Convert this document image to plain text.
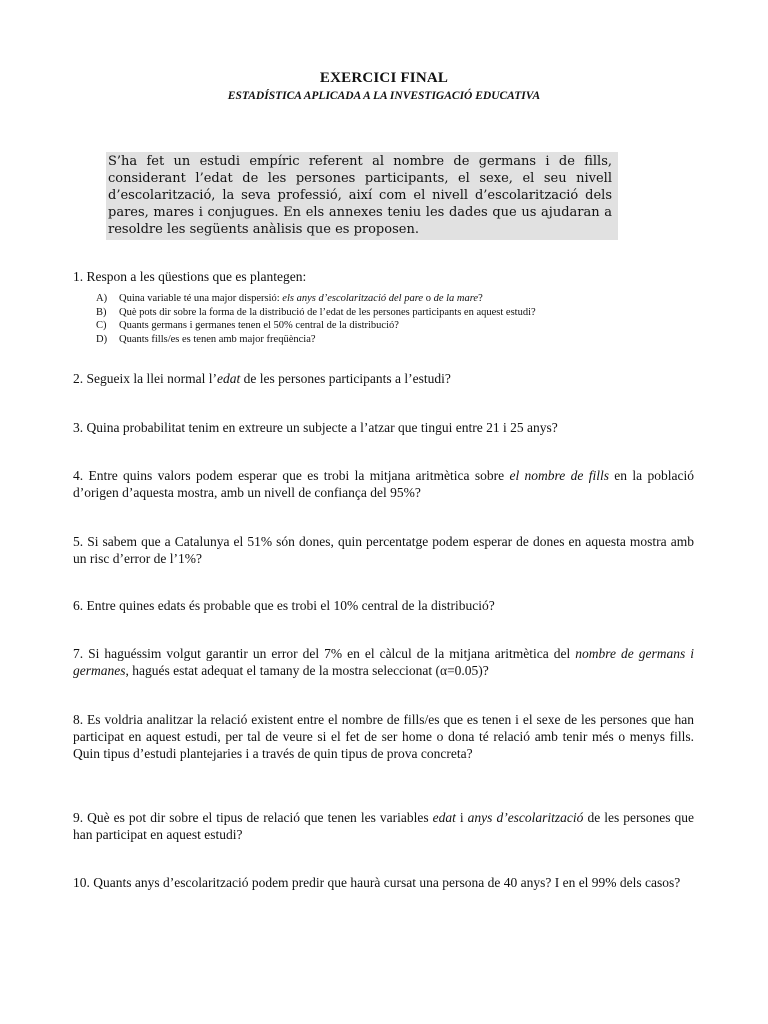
EXERCICI FINAL
ESTADÍSTICA APLICADA A LA INVESTIGACIÓ EDUCATIVA
S’ha fet un estudi empíric referent al nombre de germans i de fills, considerant l’edat de les persones participants, el sexe, el seu nivell d’escolarització, la seva professió, així com el nivell d’escolarització dels pares, mares i conjugues. En els annexes teniu les dades que us ajudaran a resoldre les següents anàlisis que es proposen.
1. Respon a les qüestions que es plantegen:
A)	Quina variable té una major dispersió: els anys d’escolarització del pare o de la mare?
B)	Què pots dir sobre la forma de la distribució de l’edat de les persones participants en aquest estudi?
C)	Quants germans i germanes tenen el 50% central de la distribució?
D)	Quants fills/es es tenen amb major freqüència?
2. Segueix la llei normal l’edat de les persones participants a l’estudi?
3. Quina probabilitat tenim en extreure un subjecte a l’atzar que tingui entre 21 i 25 anys?
4. Entre quins valors podem esperar que es trobi la mitjana aritmètica sobre el nombre de fills en la població d’origen d’aquesta mostra, amb un nivell de confiança del 95%?
5. Si sabem que a Catalunya el 51% són dones, quin percentatge podem esperar de dones en aquesta mostra amb un risc d’error de l’1%?
6. Entre quines edats és probable que es trobi el 10% central de la distribució?
7. Si haguéssim volgut garantir un error del 7% en el càlcul de la mitjana aritmètica del nombre de germans i germanes, hagués estat adequat el tamany de la mostra seleccionat (α=0.05)?
8. Es voldria analitzar la relació existent entre el nombre de fills/es que es tenen i el sexe de les persones que han participat en aquest estudi, per tal de veure si el fet de ser home o dona té relació amb tenir més o menys fills. Quin tipus d’estudi plantejaries i a través de quin tipus de prova concreta?
9. Què es pot dir sobre el tipus de relació que tenen les variables edat i anys d’escolarització de les persones que han participat en aquest estudi?
10. Quants anys d’escolarització podem predir que haurà cursat una persona de 40 anys? I en el 99% dels casos?
